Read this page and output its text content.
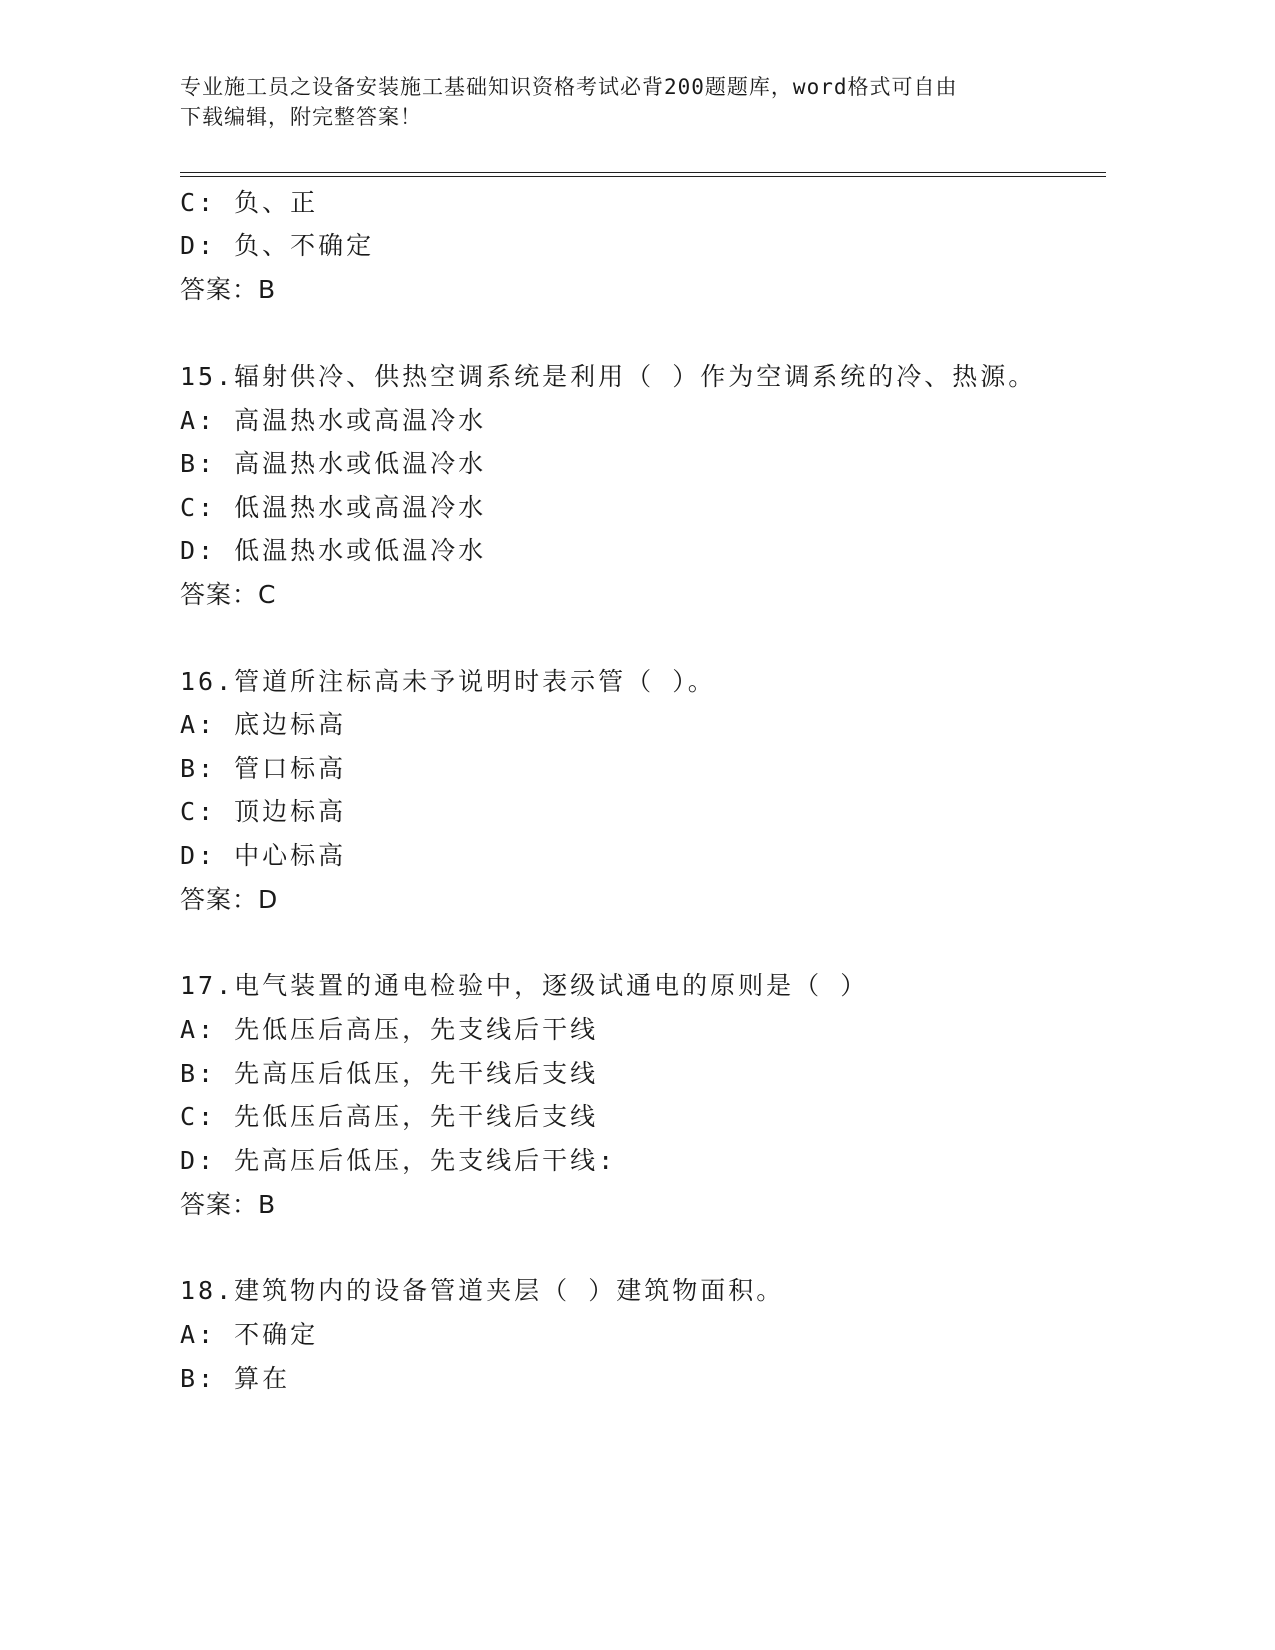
专业施工员之设备安装施工基础知识资格考试必背200题题库，word格式可自由
下载编辑，附完整答案！
C: 负、正
D: 负、不确定
答案：B
15.辐射供冷、供热空调系统是利用（ ）作为空调系统的冷、热源。
A: 高温热水或高温冷水
B: 高温热水或低温冷水
C: 低温热水或高温冷水
D: 低温热水或低温冷水
答案：C
16.管道所注标高未予说明时表示管（ ）。
A: 底边标高
B: 管口标高
C: 顶边标高
D: 中心标高
答案：D
17.电气装置的通电检验中，逐级试通电的原则是（ ）
A: 先低压后高压，先支线后干线
B: 先高压后低压，先干线后支线
C: 先低压后高压，先干线后支线
D: 先高压后低压，先支线后干线:
答案：B
18.建筑物内的设备管道夹层（ ）建筑物面积。
A: 不确定
B: 算在
